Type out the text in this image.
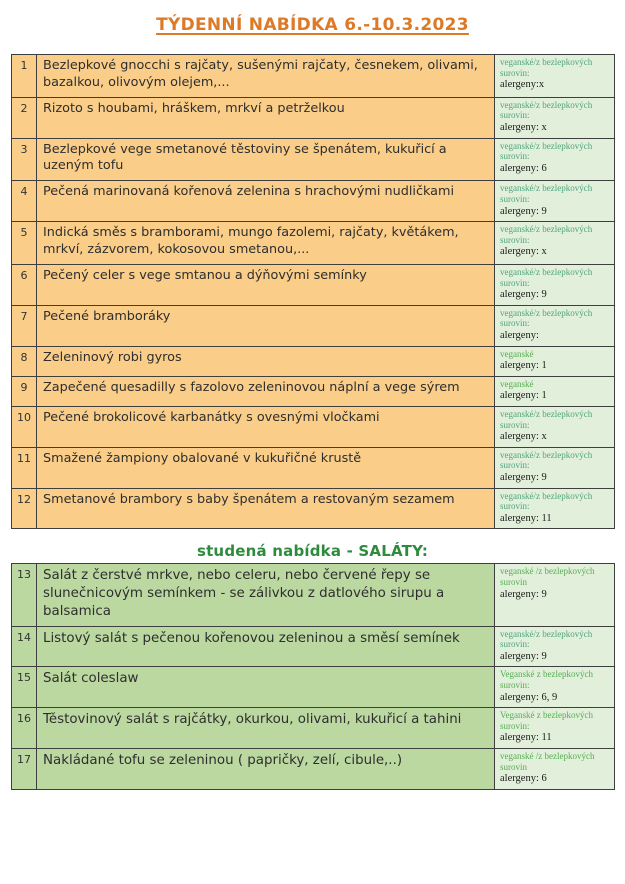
TÝDENNÍ NABÍDKA 6.-10.3.2023
1	Bezlepkové gnocchi s rajčaty, sušenými rajčaty, česnekem, olivami, bazalkou, olivovým olejem,...	veganské/z bezlepkových surovin:
alergeny:x

2	Rizoto s houbami, hráškem, mrkví a petrželkou	veganské/z bezlepkových surovin:
alergeny: x

3	Bezlepkové vege smetanové těstoviny se špenátem, kukuřicí a uzeným tofu	veganské/z bezlepkových surovin:
alergeny: 6

4	Pečená marinovaná kořenová zelenina s hrachovými nudličkami	veganské/z bezlepkových surovin:
alergeny: 9

5	Indická směs s bramborami, mungo fazolemi, rajčaty, květákem, mrkví, zázvorem, kokosovou smetanou,...	veganské/z bezlepkových surovin:
alergeny: x

6	Pečený celer s vege smtanou a dýňovými semínky	veganské/z bezlepkových surovin:
alergeny: 9

7	Pečené bramboráky	veganské/z bezlepkových surovin:
alergeny:

8	Zeleninový robi gyros	veganské
alergeny: 1

9	Zapečené quesadilly s fazolovo zeleninovou náplní a vege sýrem	veganské
alergeny: 1

10	Pečené brokolicové karbanátky s ovesnými vločkami	veganské/z bezlepkových surovin:
alergeny: x

11	Smažené žampiony obalované v kukuřičné krustě	veganské/z bezlepkových surovin:
alergeny: 9

12	Smetanové brambory s baby špenátem a restovaným sezamem	veganské/z bezlepkových surovin:
alergeny: 11
studená nabídka - SALÁTY:
13	Salát z čerstvé mrkve, nebo celeru, nebo červené řepy se slunečnicovým semínkem - se zálivkou z datlového sirupu a balsamica	veganské /z bezlepkových surovin
alergeny: 9

14	Listový salát s pečenou kořenovou zeleninou a směsí semínek	veganské/z bezlepkových surovin:
alergeny: 9

15	Salát coleslaw	Veganské z bezlepkových surovin:
alergeny: 6, 9

16	Těstovinový salát s rajčátky, okurkou, olivami, kukuřicí a tahini	Veganské z bezlepkových surovin:
alergeny: 11

17	Nakládané tofu se zeleninou ( papričky, zelí, cibule,..)	veganské /z bezlepkových surovin
alergeny: 6
